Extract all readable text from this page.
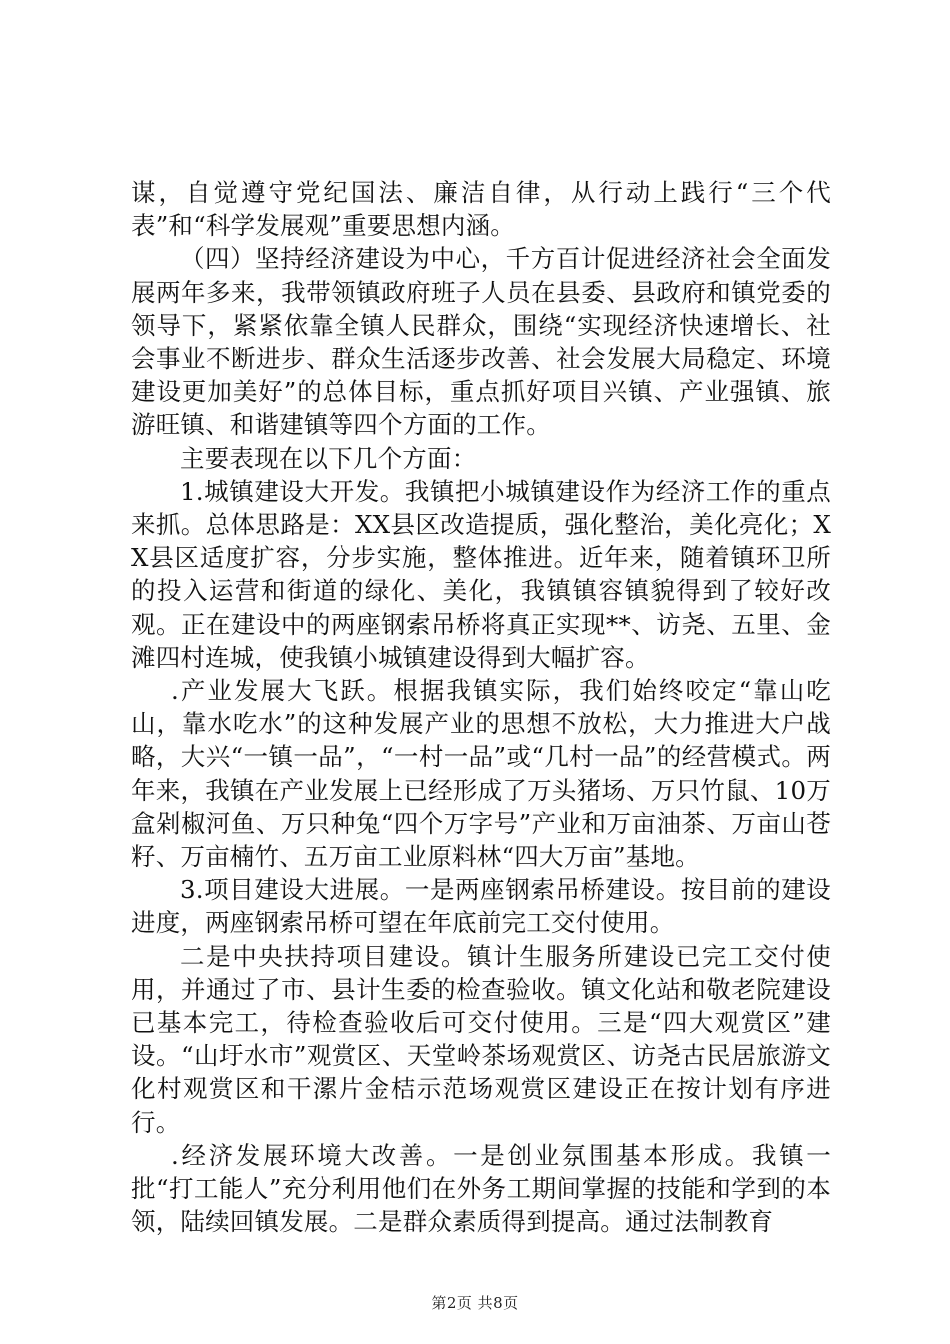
谋，自觉遵守党纪国法、廉洁自律，从行动上践行“三个代表”和“科学发展观”重要思想内涵。

（四）坚持经济建设为中心，千方百计促进经济社会全面发展两年多来，我带领镇政府班子人员在县委、县政府和镇党委的领导下，紧紧依靠全镇人民群众，围绕“实现经济快速增长、社会事业不断进步、群众生活逐步改善、社会发展大局稳定、环境建设更加美好”的总体目标，重点抓好项目兴镇、产业强镇、旅游旺镇、和谐建镇等四个方面的工作。

主要表现在以下几个方面：

1.城镇建设大开发。我镇把小城镇建设作为经济工作的重点来抓。总体思路是：XX县区改造提质，强化整治，美化亮化；XX县区适度扩容，分步实施，整体推进。近年来，随着镇环卫所的投入运营和街道的绿化、美化，我镇镇容镇貌得到了较好改观。正在建设中的两座钢索吊桥将真正实现**、访尧、五里、金滩四村连城，使我镇小城镇建设得到大幅扩容。

.产业发展大飞跃。根据我镇实际，我们始终咬定“靠山吃山，靠水吃水”的这种发展产业的思想不放松，大力推进大户战略，大兴“一镇一品”，“一村一品”或“几村一品”的经营模式。两年来，我镇在产业发展上已经形成了万头猪场、万只竹鼠、10万盒剁椒河鱼、万只种兔“四个万字号”产业和万亩油茶、万亩山苍籽、万亩楠竹、五万亩工业原料林“四大万亩”基地。

3.项目建设大进展。一是两座钢索吊桥建设。按目前的建设进度，两座钢索吊桥可望在年底前完工交付使用。

二是中央扶持项目建设。镇计生服务所建设已完工交付使用，并通过了市、县计生委的检查验收。镇文化站和敬老院建设已基本完工，待检查验收后可交付使用。三是“四大观赏区”建设。“山圩水市”观赏区、天堂岭茶场观赏区、访尧古民居旅游文化村观赏区和干漯片金桔示范场观赏区建设正在按计划有序进行。

.经济发展环境大改善。一是创业氛围基本形成。我镇一批“打工能人”充分利用他们在外务工期间掌握的技能和学到的本领，陆续回镇发展。二是群众素质得到提高。通过法制教育

第2页 共8页
